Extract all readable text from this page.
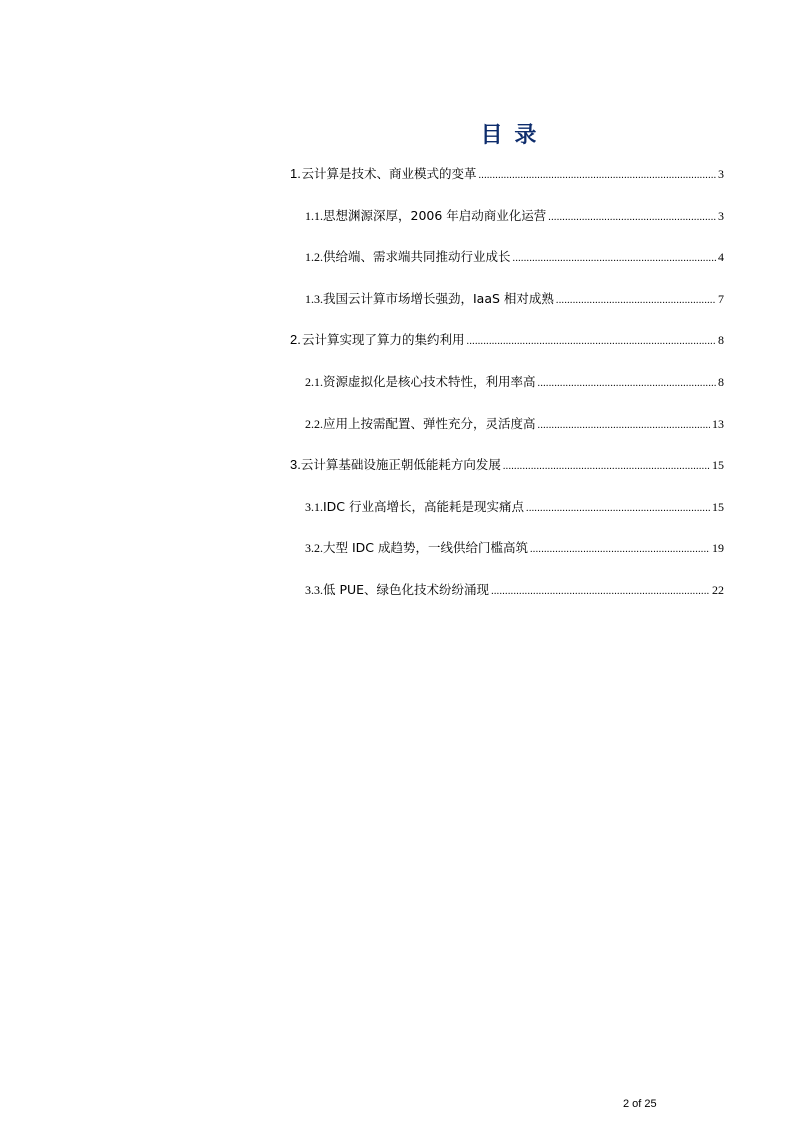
目 录
1. 云计算是技术、商业模式的变革 .....	3
1.1. 思想渊源深厚，2006 年启动商业化运营 .....	3
1.2. 供给端、需求端共同推动行业成长 .....	4
1.3. 我国云计算市场增长强劲，IaaS 相对成熟 .....	7
2. 云计算实现了算力的集约利用 .....	8
2.1. 资源虚拟化是核心技术特性，利用率高 .....	8
2.2. 应用上按需配置、弹性充分，灵活度高 .....	13
3. 云计算基础设施正朝低能耗方向发展 .....	15
3.1. IDC 行业高增长，高能耗是现实痛点 .....	15
3.2. 大型 IDC 成趋势，一线供给门槛高筑 .....	19
3.3. 低 PUE、绿色化技术纷纷涌现 .....	22
2 of 25
